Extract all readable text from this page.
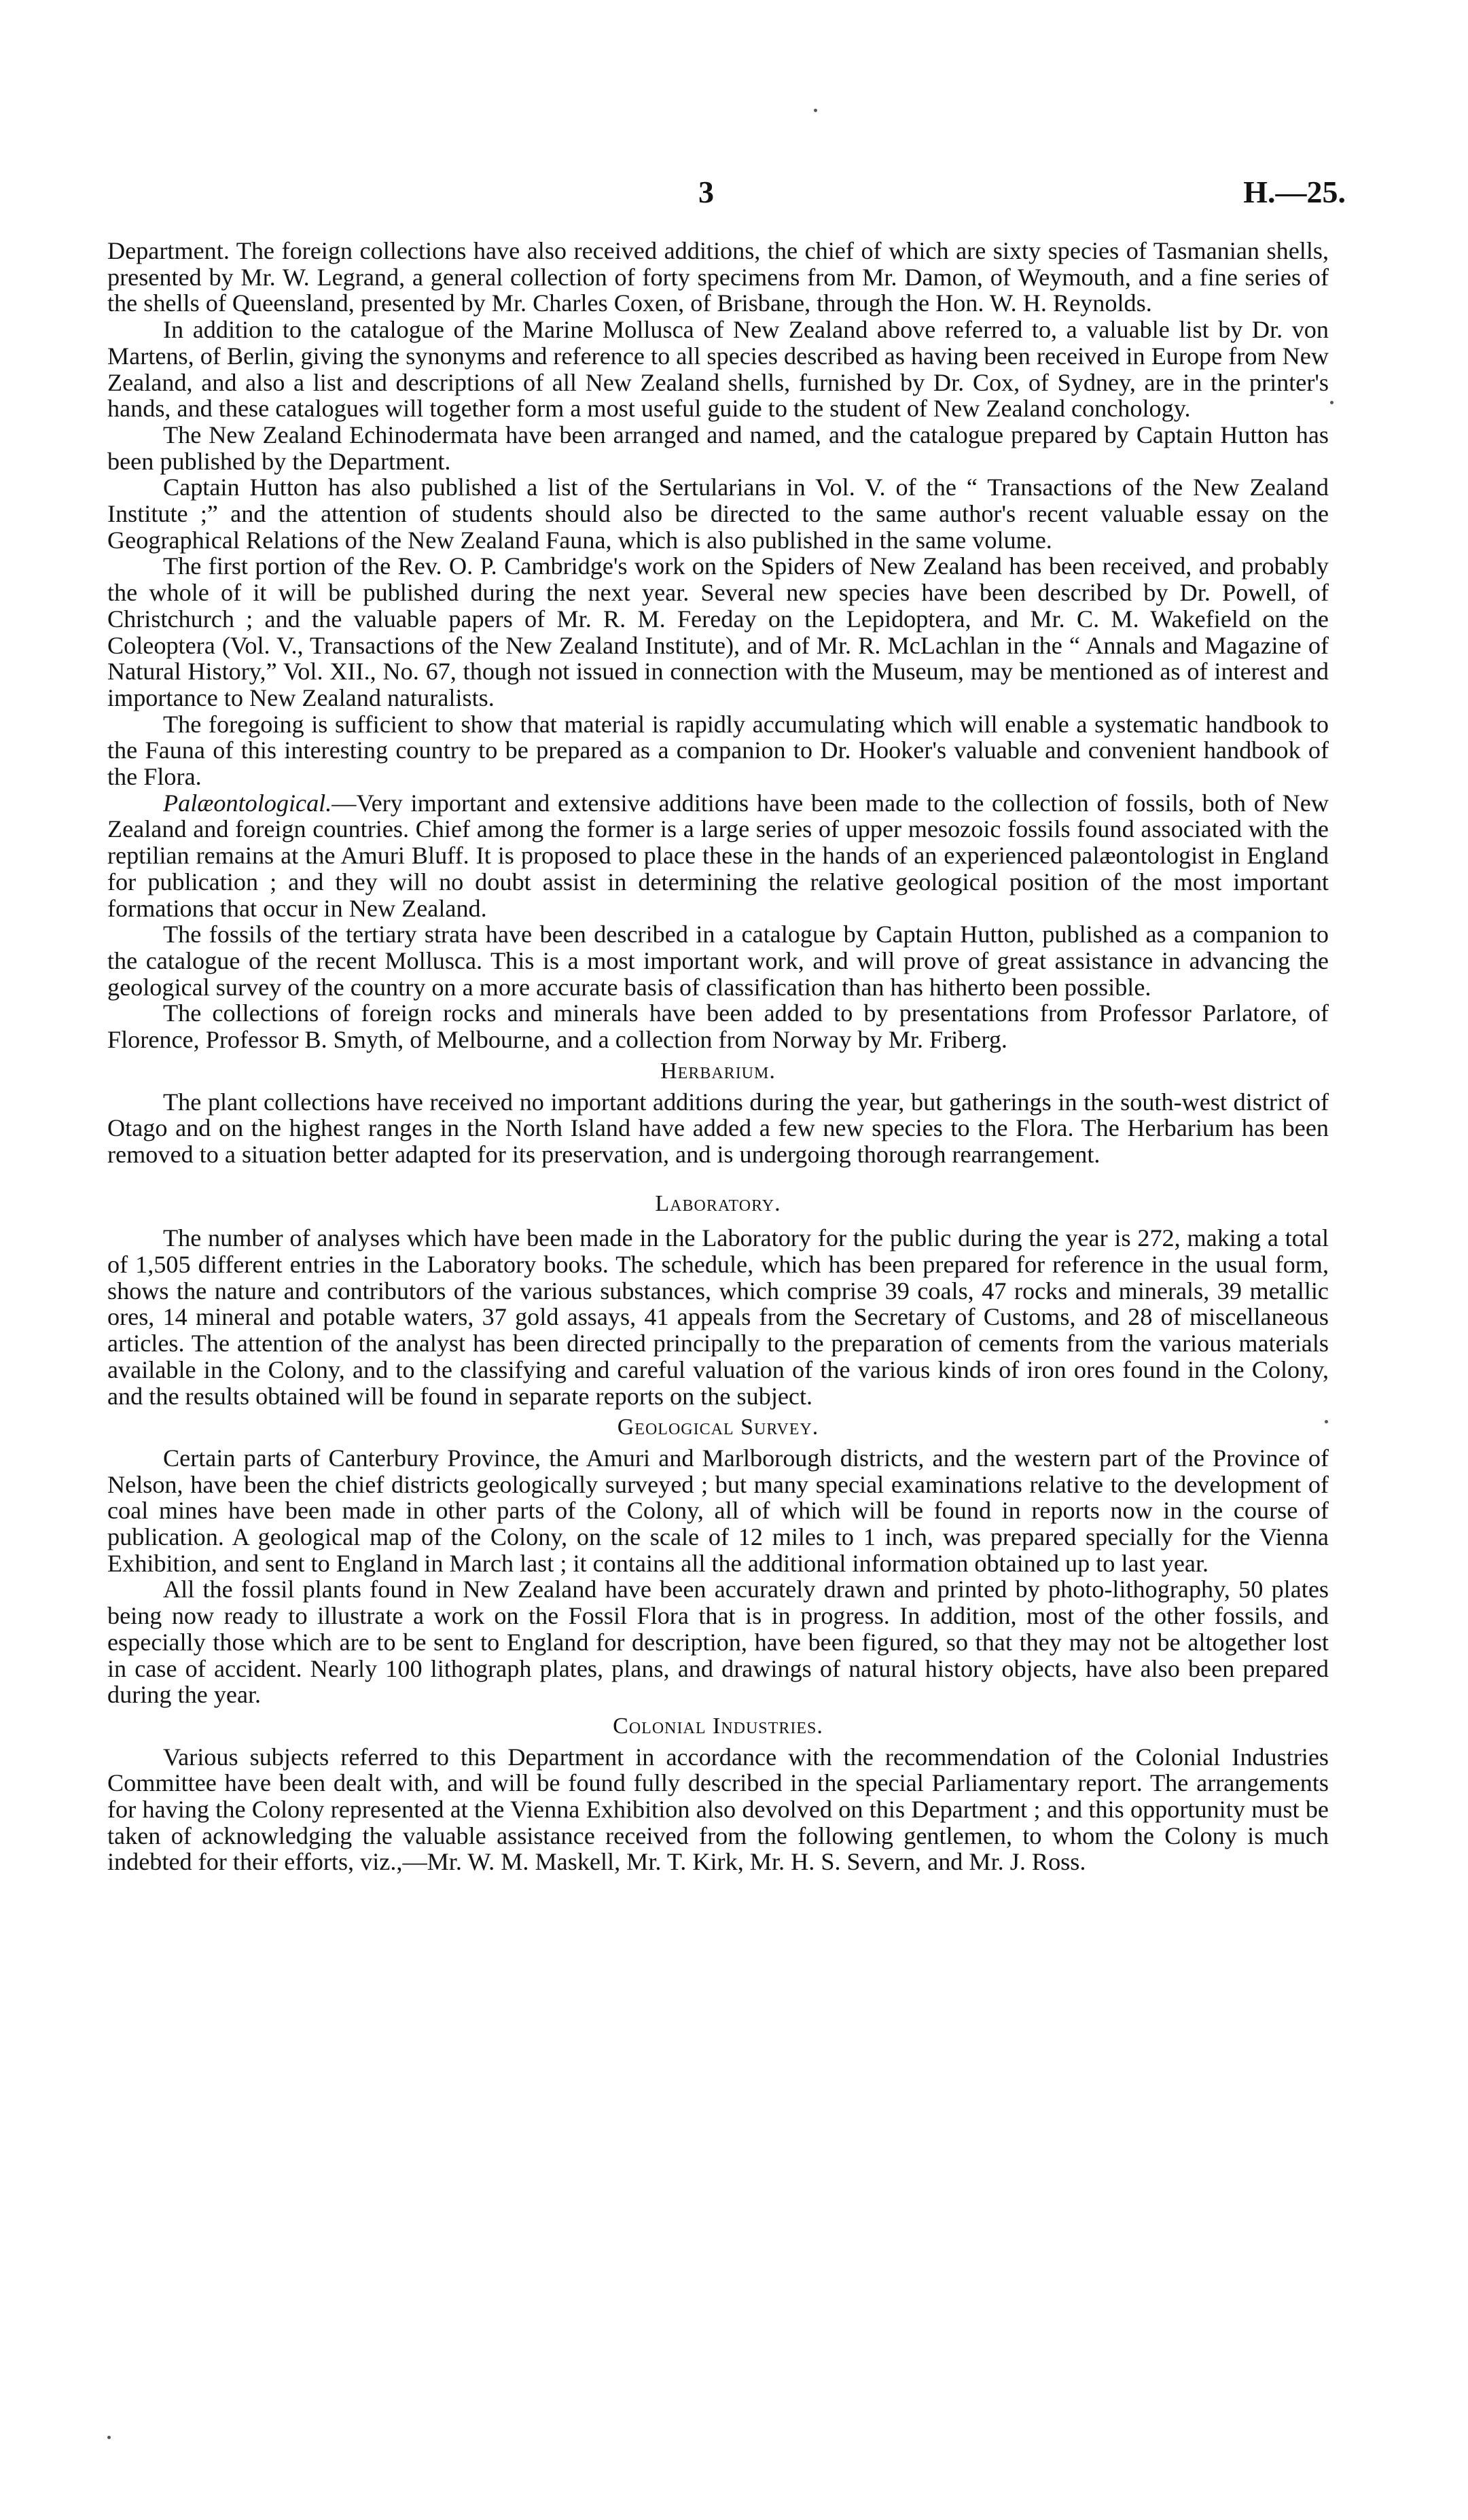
3	H.—25.

Department. The foreign collections have also received additions, the chief of which are sixty species of Tasmanian shells, presented by Mr. W. Legrand, a general collection of forty specimens from Mr. Damon, of Weymouth, and a fine series of the shells of Queensland, presented by Mr. Charles Coxen, of Brisbane, through the Hon. W. H. Reynolds.

In addition to the catalogue of the Marine Mollusca of New Zealand above referred to, a valuable list by Dr. von Martens, of Berlin, giving the synonyms and reference to all species described as having been received in Europe from New Zealand, and also a list and descriptions of all New Zealand shells, furnished by Dr. Cox, of Sydney, are in the printer's hands, and these catalogues will together form a most useful guide to the student of New Zealand conchology.

The New Zealand Echinodermata have been arranged and named, and the catalogue prepared by Captain Hutton has been published by the Department.

Captain Hutton has also published a list of the Sertularians in Vol. V. of the “ Transactions of the New Zealand Institute ;” and the attention of students should also be directed to the same author's recent valuable essay on the Geographical Relations of the New Zealand Fauna, which is also published in the same volume.

The first portion of the Rev. O. P. Cambridge's work on the Spiders of New Zealand has been received, and probably the whole of it will be published during the next year. Several new species have been described by Dr. Powell, of Christchurch ; and the valuable papers of Mr. R. M. Fereday on the Lepidoptera, and Mr. C. M. Wakefield on the Coleoptera (Vol. V., Transactions of the New Zealand Institute), and of Mr. R. McLachlan in the “ Annals and Magazine of Natural History,” Vol. XII., No. 67, though not issued in connection with the Museum, may be mentioned as of interest and importance to New Zealand naturalists.

The foregoing is sufficient to show that material is rapidly accumulating which will enable a systematic handbook to the Fauna of this interesting country to be prepared as a companion to Dr. Hooker's valuable and convenient handbook of the Flora.

Palæontological.—Very important and extensive additions have been made to the collection of fossils, both of New Zealand and foreign countries. Chief among the former is a large series of upper mesozoic fossils found associated with the reptilian remains at the Amuri Bluff. It is proposed to place these in the hands of an experienced palæontologist in England for publication ; and they will no doubt assist in determining the relative geological position of the most important formations that occur in New Zealand.

The fossils of the tertiary strata have been described in a catalogue by Captain Hutton, published as a companion to the catalogue of the recent Mollusca. This is a most important work, and will prove of great assistance in advancing the geological survey of the country on a more accurate basis of classification than has hitherto been possible.

The collections of foreign rocks and minerals have been added to by presentations from Professor Parlatore, of Florence, Professor B. Smyth, of Melbourne, and a collection from Norway by Mr. Friberg.

Herbarium.

The plant collections have received no important additions during the year, but gatherings in the south-west district of Otago and on the highest ranges in the North Island have added a few new species to the Flora. The Herbarium has been removed to a situation better adapted for its preservation, and is undergoing thorough rearrangement.

Laboratory.

The number of analyses which have been made in the Laboratory for the public during the year is 272, making a total of 1,505 different entries in the Laboratory books. The schedule, which has been prepared for reference in the usual form, shows the nature and contributors of the various substances, which comprise 39 coals, 47 rocks and minerals, 39 metallic ores, 14 mineral and potable waters, 37 gold assays, 41 appeals from the Secretary of Customs, and 28 of miscellaneous articles. The attention of the analyst has been directed principally to the preparation of cements from the various materials available in the Colony, and to the classifying and careful valuation of the various kinds of iron ores found in the Colony, and the results obtained will be found in separate reports on the subject.

Geological Survey.

Certain parts of Canterbury Province, the Amuri and Marlborough districts, and the western part of the Province of Nelson, have been the chief districts geologically surveyed ; but many special examinations relative to the development of coal mines have been made in other parts of the Colony, all of which will be found in reports now in the course of publication. A geological map of the Colony, on the scale of 12 miles to 1 inch, was prepared specially for the Vienna Exhibition, and sent to England in March last ; it contains all the additional information obtained up to last year.

All the fossil plants found in New Zealand have been accurately drawn and printed by photo-lithography, 50 plates being now ready to illustrate a work on the Fossil Flora that is in progress. In addition, most of the other fossils, and especially those which are to be sent to England for description, have been figured, so that they may not be altogether lost in case of accident. Nearly 100 lithograph plates, plans, and drawings of natural history objects, have also been prepared during the year.

Colonial Industries.

Various subjects referred to this Department in accordance with the recommendation of the Colonial Industries Committee have been dealt with, and will be found fully described in the special Parliamentary report. The arrangements for having the Colony represented at the Vienna Exhibition also devolved on this Department ; and this opportunity must be taken of acknowledging the valuable assistance received from the following gentlemen, to whom the Colony is much indebted for their efforts, viz.,—Mr. W. M. Maskell, Mr. T. Kirk, Mr. H. S. Severn, and Mr. J. Ross.
